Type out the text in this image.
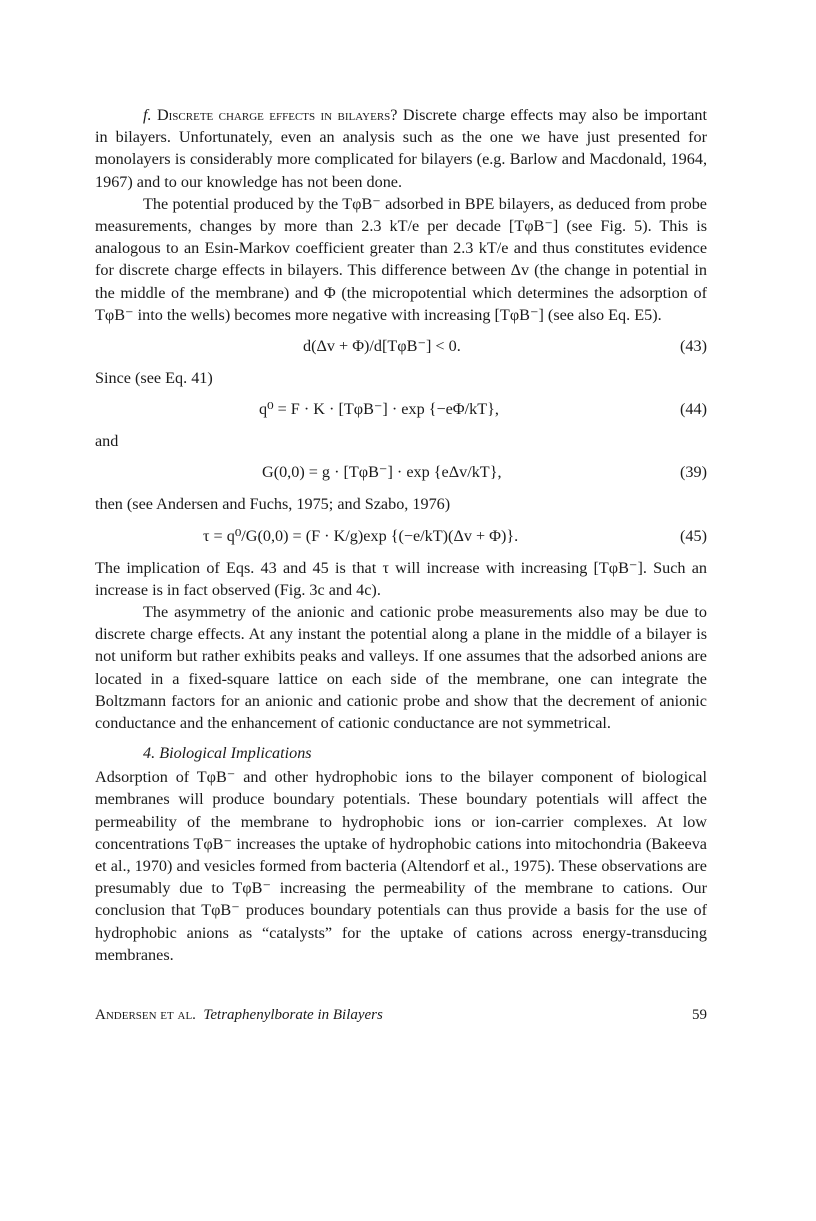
f. Discrete charge effects in bilayers? Discrete charge effects may also be important in bilayers. Unfortunately, even an analysis such as the one we have just presented for monolayers is considerably more complicated for bilayers (e.g. Barlow and Macdonald, 1964, 1967) and to our knowledge has not been done.

The potential produced by the TφB⁻ adsorbed in BPE bilayers, as deduced from probe measurements, changes by more than 2.3 kT/e per decade [TφB⁻] (see Fig. 5). This is analogous to an Esin-Markov coefficient greater than 2.3 kT/e and thus constitutes evidence for discrete charge effects in bilayers. This difference between Δv (the change in potential in the middle of the membrane) and Φ (the micropotential which determines the adsorption of TφB⁻ into the wells) becomes more negative with increasing [TφB⁻] (see also Eq. E5).

d(Δv + Φ)/d[TφB⁻] < 0.	(43)

Since (see Eq. 41)

q⁰ = F · K · [TφB⁻] · exp {−eΦ/kT},	(44)

and

G(0,0) = g · [TφB⁻] · exp {eΔv/kT},	(39)

then (see Andersen and Fuchs, 1975; and Szabo, 1976)

τ = q⁰/G(0,0) = (F · K/g)exp {(−e/kT)(Δv + Φ)}.	(45)

The implication of Eqs. 43 and 45 is that τ will increase with increasing [TφB⁻]. Such an increase is in fact observed (Fig. 3c and 4c).

The asymmetry of the anionic and cationic probe measurements also may be due to discrete charge effects. At any instant the potential along a plane in the middle of a bilayer is not uniform but rather exhibits peaks and valleys. If one assumes that the adsorbed anions are located in a fixed-square lattice on each side of the membrane, one can integrate the Boltzmann factors for an anionic and cationic probe and show that the decrement of anionic conductance and the enhancement of cationic conductance are not symmetrical.

4. Biological Implications

Adsorption of TφB⁻ and other hydrophobic ions to the bilayer component of biological membranes will produce boundary potentials. These boundary potentials will affect the permeability of the membrane to hydrophobic ions or ion-carrier complexes. At low concentrations TφB⁻ increases the uptake of hydrophobic cations into mitochondria (Bakeeva et al., 1970) and vesicles formed from bacteria (Altendorf et al., 1975). These observations are presumably due to TφB⁻ increasing the permeability of the membrane to cations. Our conclusion that TφB⁻ produces boundary potentials can thus provide a basis for the use of hydrophobic anions as “catalysts” for the uptake of cations across energy-transducing membranes.

Andersen et al. Tetraphenylborate in Bilayers	59
